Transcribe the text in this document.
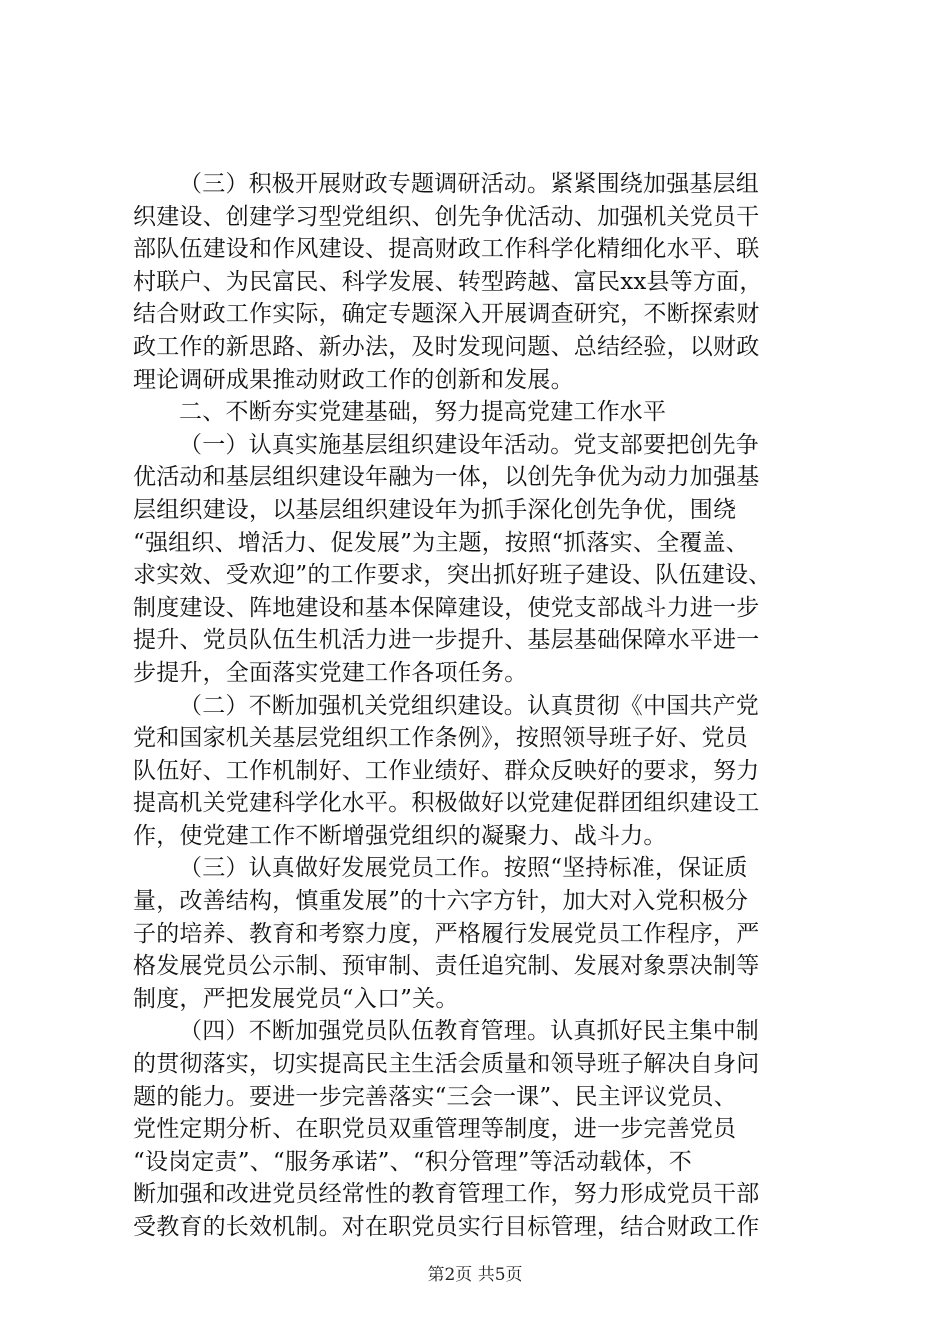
（三）积极开展财政专题调研活动。紧紧围绕加强基层组
织建设、创建学习型党组织、创先争优活动、加强机关党员干
部队伍建设和作风建设、提高财政工作科学化精细化水平、联
村联户、为民富民、科学发展、转型跨越、富民xx县等方面，
结合财政工作实际，确定专题深入开展调查研究，不断探索财
政工作的新思路、新办法，及时发现问题、总结经验，以财政
理论调研成果推动财政工作的创新和发展。
二、不断夯实党建基础，努力提高党建工作水平
（一）认真实施基层组织建设年活动。党支部要把创先争
优活动和基层组织建设年融为一体，以创先争优为动力加强基
层组织建设，以基层组织建设年为抓手深化创先争优，围绕
“强组织、增活力、促发展”为主题，按照“抓落实、全覆盖、
求实效、受欢迎”的工作要求，突出抓好班子建设、队伍建设、
制度建设、阵地建设和基本保障建设，使党支部战斗力进一步
提升、党员队伍生机活力进一步提升、基层基础保障水平进一
步提升，全面落实党建工作各项任务。
（二）不断加强机关党组织建设。认真贯彻《中国共产党
党和国家机关基层党组织工作条例》，按照领导班子好、党员
队伍好、工作机制好、工作业绩好、群众反映好的要求，努力
提高机关党建科学化水平。积极做好以党建促群团组织建设工
作，使党建工作不断增强党组织的凝聚力、战斗力。
（三）认真做好发展党员工作。按照“坚持标准，保证质
量，改善结构，慎重发展”的十六字方针，加大对入党积极分
子的培养、教育和考察力度，严格履行发展党员工作程序，严
格发展党员公示制、预审制、责任追究制、发展对象票决制等
制度，严把发展党员“入口”关。
（四）不断加强党员队伍教育管理。认真抓好民主集中制
的贯彻落实，切实提高民主生活会质量和领导班子解决自身问
题的能力。要进一步完善落实“三会一课”、民主评议党员、
党性定期分析、在职党员双重管理等制度，进一步完善党员
“设岗定责”、“服务承诺”、“积分管理”等活动载体，不
断加强和改进党员经常性的教育管理工作，努力形成党员干部
受教育的长效机制。对在职党员实行目标管理，结合财政工作
第2页 共5页
